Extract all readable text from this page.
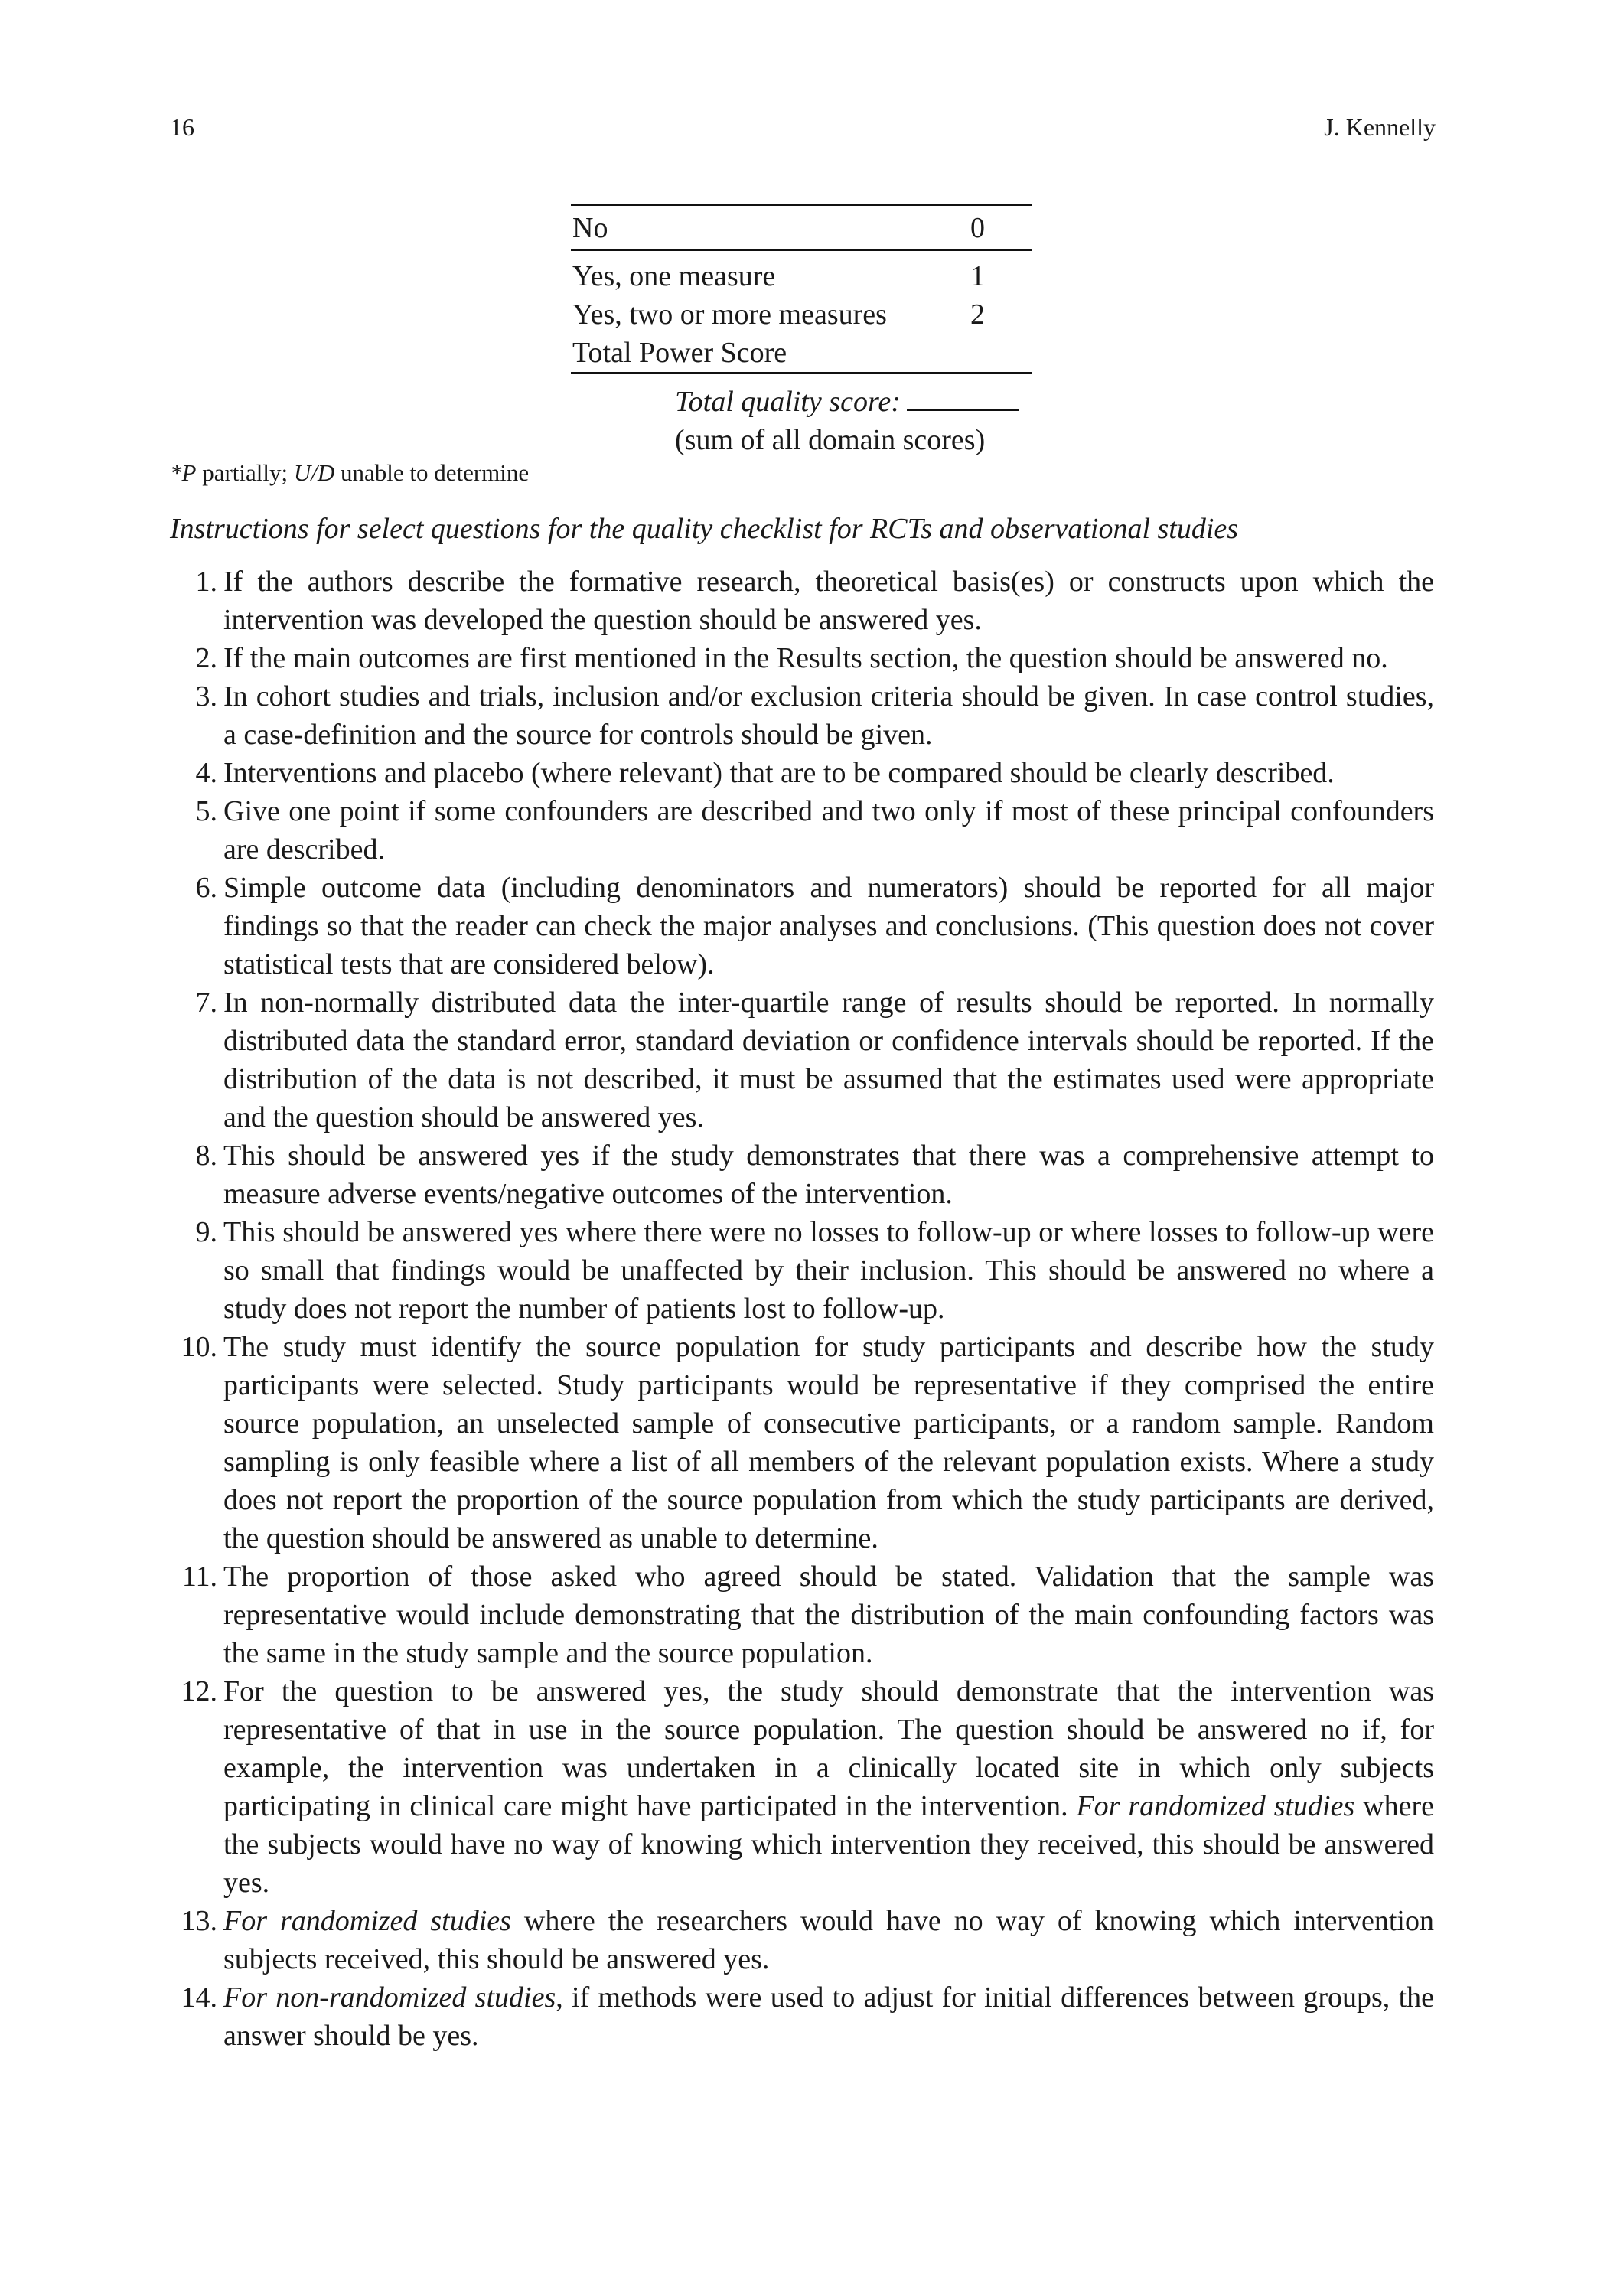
16	J. Kennelly
No	0
Yes, one measure	1
Yes, two or more measures	2
Total Power Score	
Total quality score:
(sum of all domain scores)
*P partially; U/D unable to determine
Instructions for select questions for the quality checklist for RCTs and observational studies
1. If the authors describe the formative research, theoretical basis(es) or constructs upon which the intervention was developed the question should be answered yes.
2. If the main outcomes are first mentioned in the Results section, the question should be answered no.
3. In cohort studies and trials, inclusion and/or exclusion criteria should be given. In case control studies, a case-definition and the source for controls should be given.
4. Interventions and placebo (where relevant) that are to be compared should be clearly described.
5. Give one point if some confounders are described and two only if most of these principal confounders are described.
6. Simple outcome data (including denominators and numerators) should be reported for all major findings so that the reader can check the major analyses and conclusions. (This question does not cover statistical tests that are considered below).
7. In non-normally distributed data the inter-quartile range of results should be reported. In normally distributed data the standard error, standard deviation or confidence intervals should be reported. If the distribution of the data is not described, it must be assumed that the estimates used were appropriate and the question should be answered yes.
8. This should be answered yes if the study demonstrates that there was a comprehensive attempt to measure adverse events/negative outcomes of the intervention.
9. This should be answered yes where there were no losses to follow-up or where losses to follow-up were so small that findings would be unaffected by their inclusion. This should be answered no where a study does not report the number of patients lost to follow-up.
10. The study must identify the source population for study participants and describe how the study participants were selected. Study participants would be representative if they comprised the entire source population, an unselected sample of consecutive participants, or a random sample. Random sampling is only feasible where a list of all members of the relevant population exists. Where a study does not report the proportion of the source population from which the study participants are derived, the question should be answered as unable to determine.
11. The proportion of those asked who agreed should be stated. Validation that the sample was representative would include demonstrating that the distribution of the main confounding factors was the same in the study sample and the source population.
12. For the question to be answered yes, the study should demonstrate that the intervention was representative of that in use in the source population. The question should be answered no if, for example, the intervention was undertaken in a clinically located site in which only subjects participating in clinical care might have participated in the intervention. For randomized studies where the subjects would have no way of knowing which intervention they received, this should be answered yes.
13. For randomized studies where the researchers would have no way of knowing which intervention subjects received, this should be answered yes.
14. For non-randomized studies, if methods were used to adjust for initial differences between groups, the answer should be yes.
